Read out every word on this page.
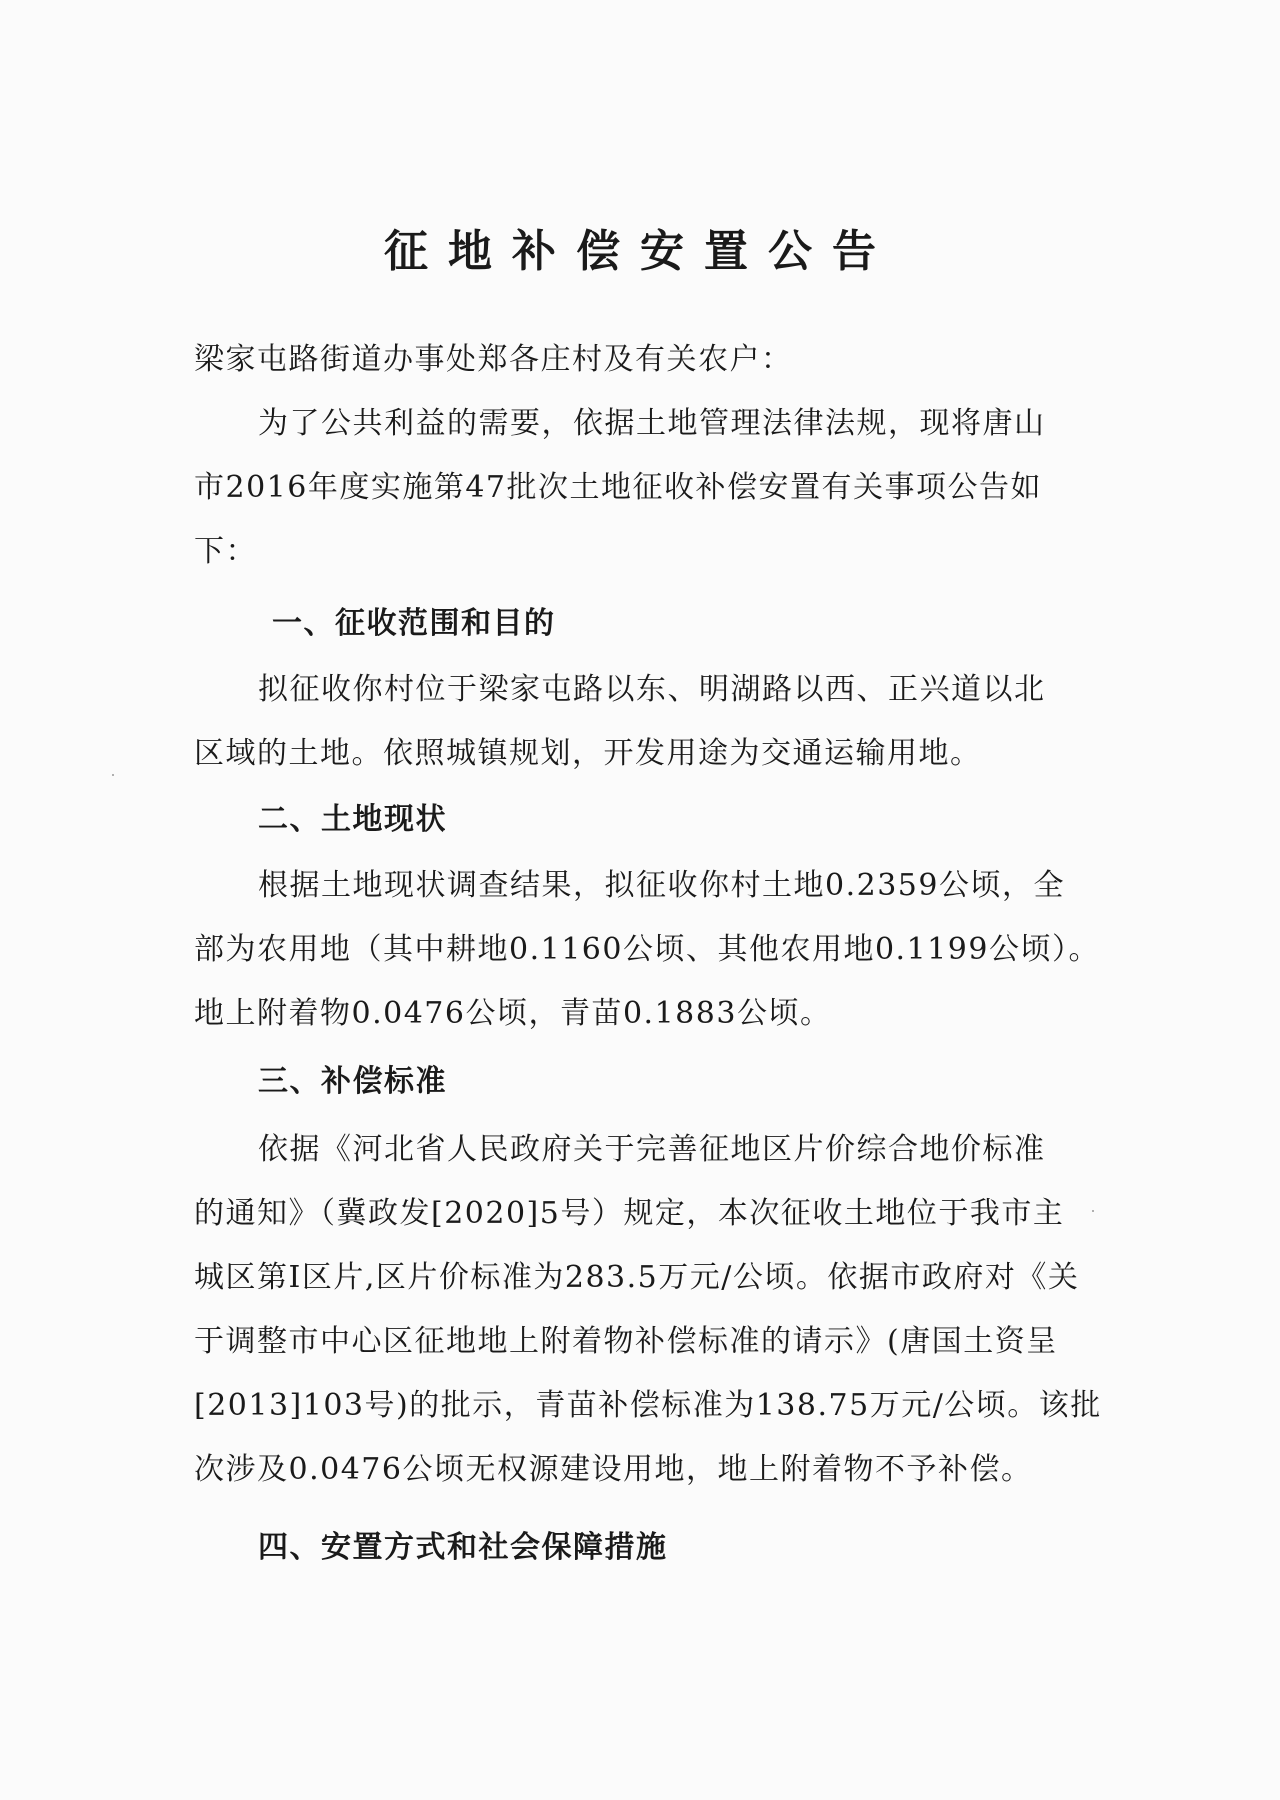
征地补偿安置公告
梁家屯路街道办事处郑各庄村及有关农户：
为了公共利益的需要，依据土地管理法律法规，现将唐山
市2016年度实施第47批次土地征收补偿安置有关事项公告如
下：
一、征收范围和目的
拟征收你村位于梁家屯路以东、明湖路以西、正兴道以北
区域的土地。依照城镇规划，开发用途为交通运输用地。
二、土地现状
根据土地现状调查结果，拟征收你村土地0.2359公顷，全
部为农用地（其中耕地0.1160公顷、其他农用地0.1199公顷）。
地上附着物0.0476公顷，青苗0.1883公顷。
三、补偿标准
依据《河北省人民政府关于完善征地区片价综合地价标准
的通知》（冀政发[2020]5号）规定，本次征收土地位于我市主
城区第I区片,区片价标准为283.5万元/公顷。依据市政府对《关
于调整市中心区征地地上附着物补偿标准的请示》(唐国土资呈
[2013]103号)的批示，青苗补偿标准为138.75万元/公顷。该批
次涉及0.0476公顷无权源建设用地，地上附着物不予补偿。
四、安置方式和社会保障措施
